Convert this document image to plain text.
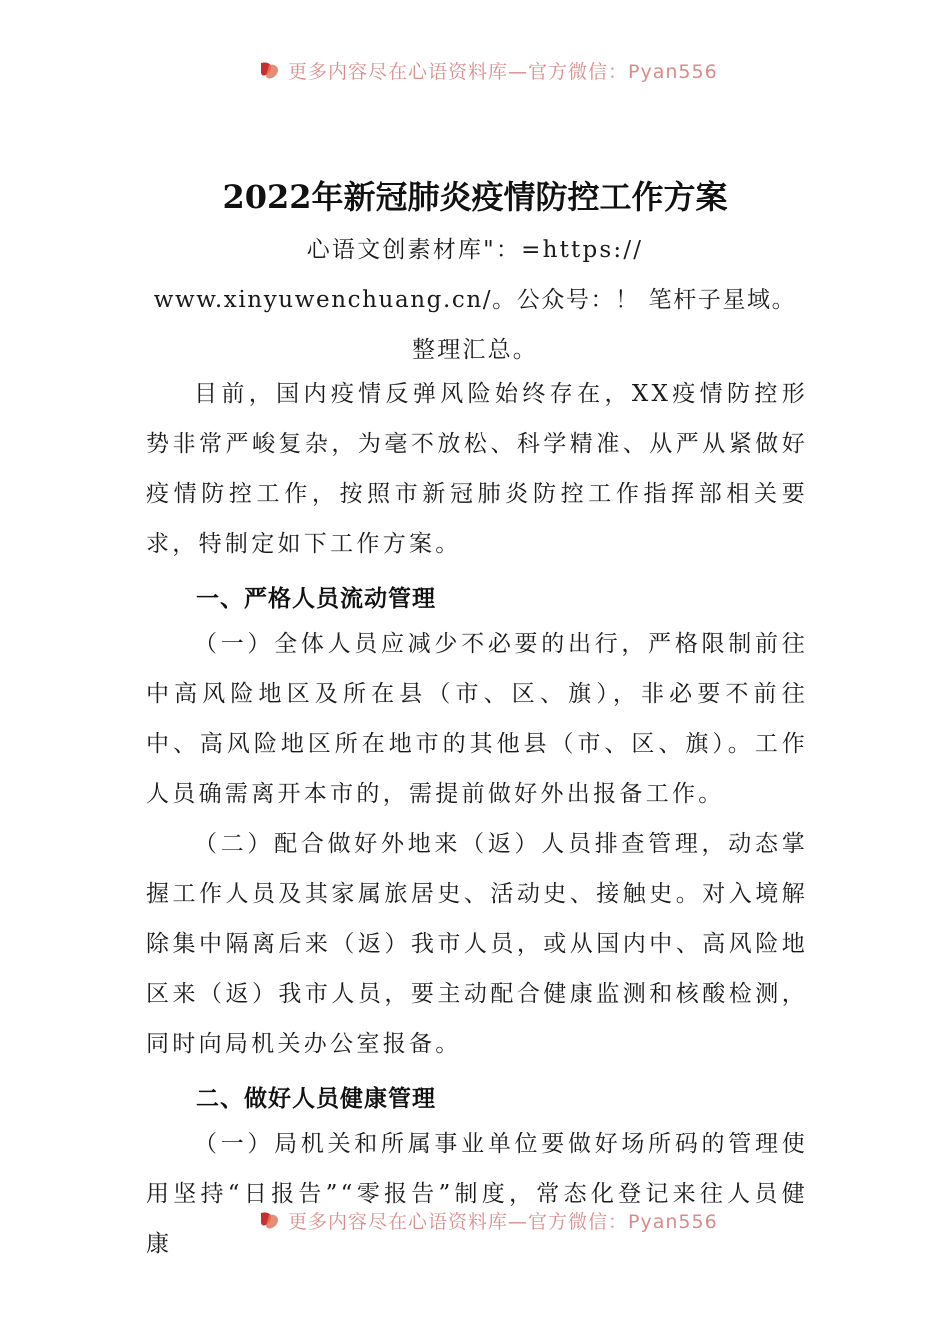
更多内容尽在心语资料库—官方微信：Pyan556
2022年新冠肺炎疫情防控工作方案
心语文创素材库"：=https://
www.xinyuwenchuang.cn/。公众号：！ 笔杆子星域。
整理汇总。
目前，国内疫情反弹风险始终存在，XX疫情防控形势非常严峻复杂，为毫不放松、科学精准、从严从紧做好疫情防控工作，按照市新冠肺炎防控工作指挥部相关要求，特制定如下工作方案。
一、严格人员流动管理
（一）全体人员应减少不必要的出行，严格限制前往中高风险地区及所在县（市、区、旗），非必要不前往中、高风险地区所在地市的其他县（市、区、旗）。工作人员确需离开本市的，需提前做好外出报备工作。
（二）配合做好外地来（返）人员排查管理，动态掌握工作人员及其家属旅居史、活动史、接触史。对入境解除集中隔离后来（返）我市人员，或从国内中、高风险地区来（返）我市人员，要主动配合健康监测和核酸检测，同时向局机关办公室报备。
二、做好人员健康管理
（一）局机关和所属事业单位要做好场所码的管理使用坚持“日报告”“零报告”制度，常态化登记来往人员健康
更多内容尽在心语资料库—官方微信：Pyan556
